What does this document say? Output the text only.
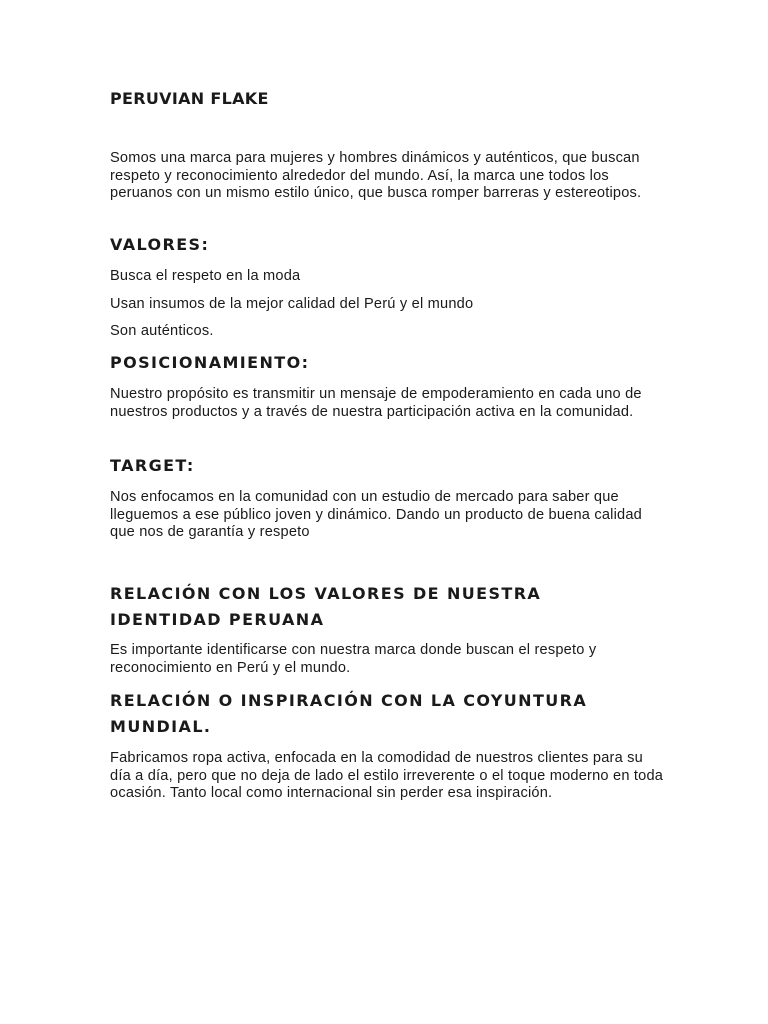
PERUVIAN FLAKE

Somos una marca para mujeres y hombres dinámicos y auténticos, que buscan respeto y reconocimiento alrededor del mundo. Así, la marca une todos los peruanos con un mismo estilo único, que busca romper barreras y estereotipos.

VALORES:
Busca el respeto en la moda
Usan insumos de la mejor calidad del Perú y el mundo
Son auténticos.
POSICIONAMIENTO:

Nuestro propósito es transmitir un mensaje de empoderamiento en cada uno de nuestros productos y a través de nuestra participación activa en la comunidad.

TARGET:

Nos enfocamos en la comunidad con un estudio de mercado para saber que lleguemos a ese público joven y dinámico. Dando un producto de buena calidad que nos de garantía y respeto

RELACIÓN CON LOS VALORES DE NUESTRA IDENTIDAD PERUANA

Es importante identificarse con nuestra marca donde buscan el respeto y reconocimiento en Perú y el mundo.

RELACIÓN O INSPIRACIÓN CON LA COYUNTURA MUNDIAL.

Fabricamos ropa activa, enfocada en la comodidad de nuestros clientes para su día a día, pero que no deja de lado el estilo irreverente o el toque moderno en toda ocasión. Tanto local como internacional sin perder esa inspiración.
